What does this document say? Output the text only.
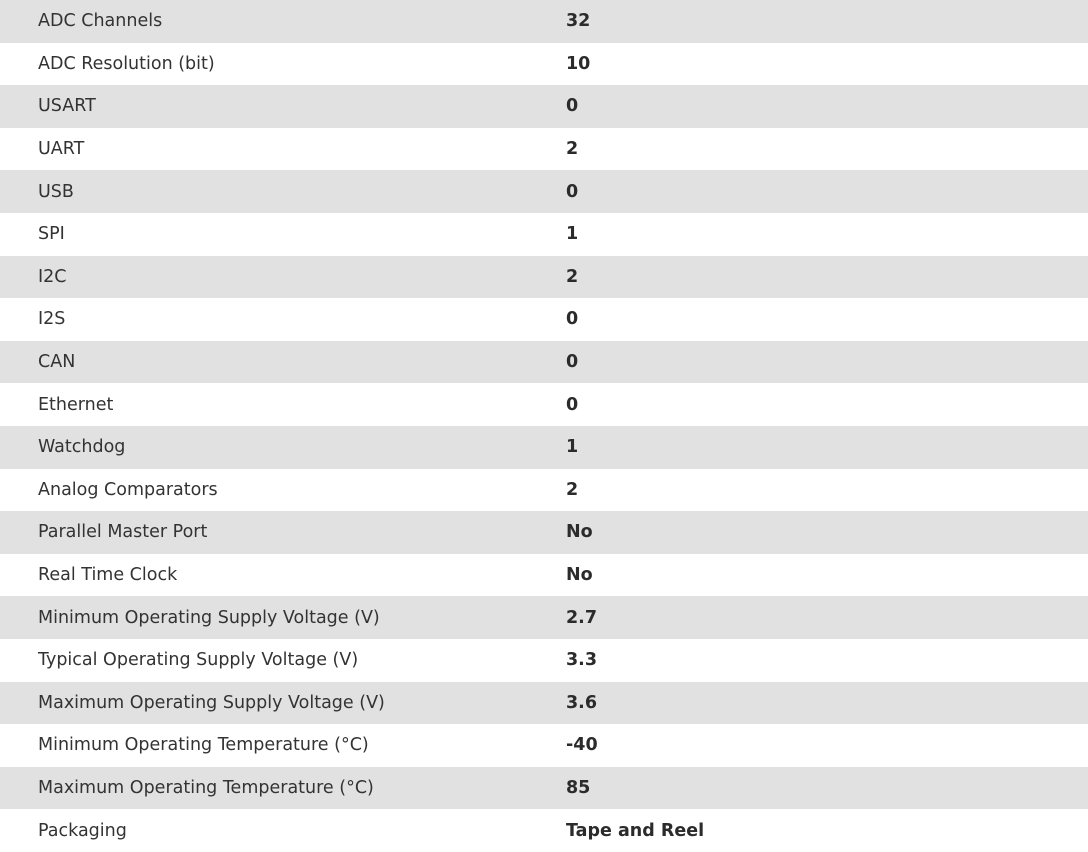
ADC Channels	32
ADC Resolution (bit)	10
USART	0
UART	2
USB	0
SPI	1
I2C	2
I2S	0
CAN	0
Ethernet	0
Watchdog	1
Analog Comparators	2
Parallel Master Port	No
Real Time Clock	No
Minimum Operating Supply Voltage (V)	2.7
Typical Operating Supply Voltage (V)	3.3
Maximum Operating Supply Voltage (V)	3.6
Minimum Operating Temperature (°C)	-40
Maximum Operating Temperature (°C)	85
Packaging	Tape and Reel
